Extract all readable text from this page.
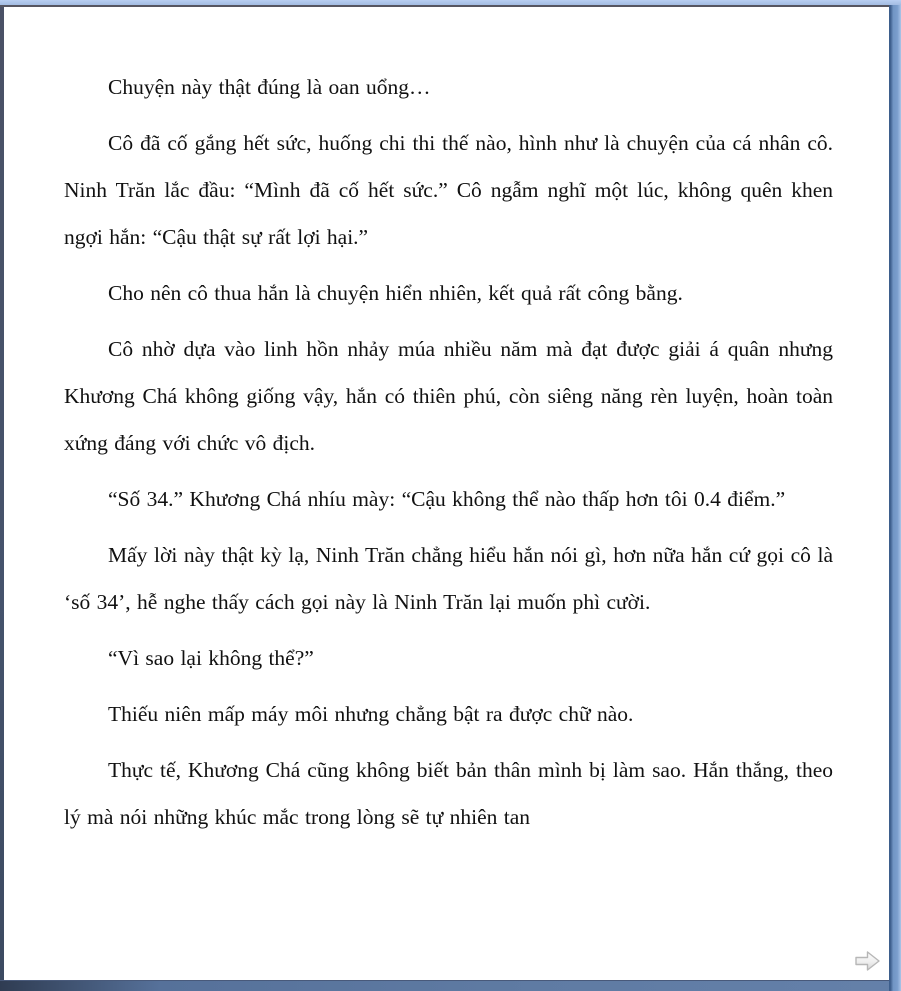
Chuyện này thật đúng là oan uổng…

Cô đã cố gắng hết sức, huống chi thi thế nào, hình như là chuyện của cá nhân cô. Ninh Trăn lắc đầu: “Mình đã cố hết sức.” Cô ngẫm nghĩ một lúc, không quên khen ngợi hắn: “Cậu thật sự rất lợi hại.”

Cho nên cô thua hắn là chuyện hiển nhiên, kết quả rất công bằng.

Cô nhờ dựa vào linh hồn nhảy múa nhiều năm mà đạt được giải á quân nhưng Khương Chá không giống vậy, hắn có thiên phú, còn siêng năng rèn luyện, hoàn toàn xứng đáng với chức vô địch.

“Số 34.” Khương Chá nhíu mày: “Cậu không thể nào thấp hơn tôi 0.4 điểm.”

Mấy lời này thật kỳ lạ, Ninh Trăn chẳng hiểu hắn nói gì, hơn nữa hắn cứ gọi cô là ‘số 34’, hễ nghe thấy cách gọi này là Ninh Trăn lại muốn phì cười.

“Vì sao lại không thể?”

Thiếu niên mấp máy môi nhưng chẳng bật ra được chữ nào.

Thực tế, Khương Chá cũng không biết bản thân mình bị làm sao. Hắn thắng, theo lý mà nói những khúc mắc trong lòng sẽ tự nhiên tan
